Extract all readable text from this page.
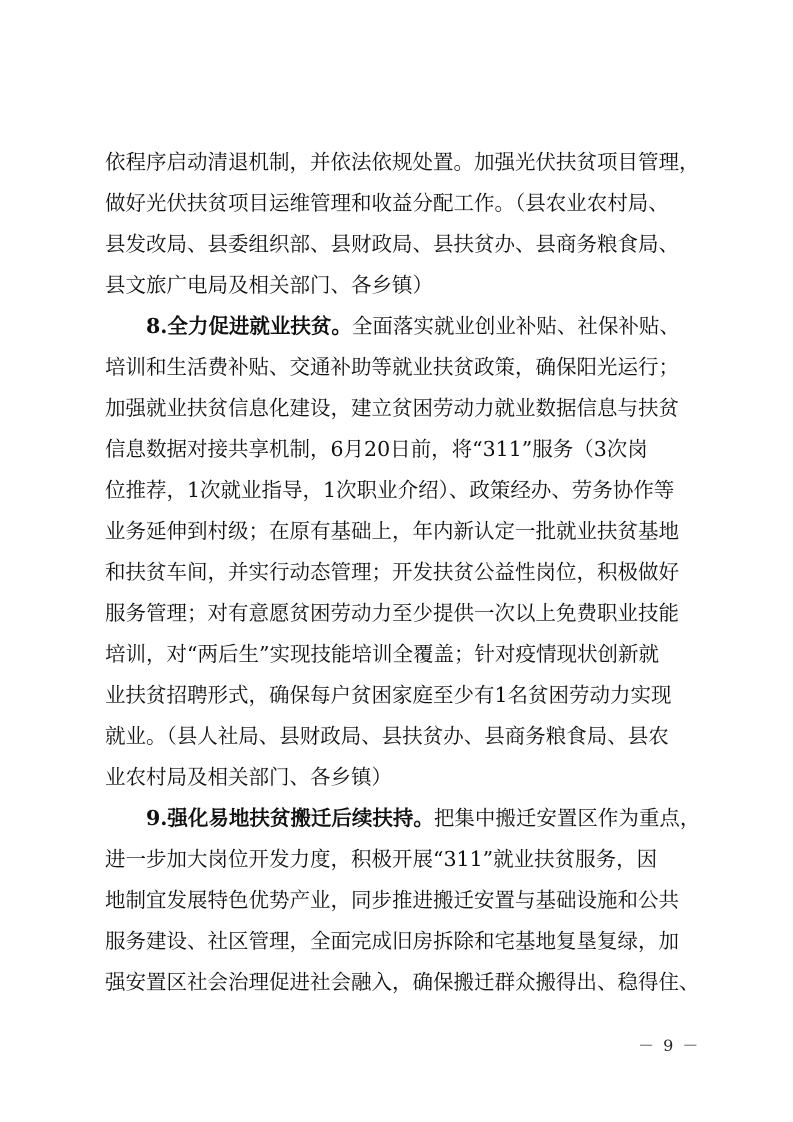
依程序启动清退机制，并依法依规处置。加强光伏扶贫项目管理，
做好光伏扶贫项目运维管理和收益分配工作。（县农业农村局、
县发改局、县委组织部、县财政局、县扶贫办、县商务粮食局、
县文旅广电局及相关部门、各乡镇）
8.全力促进就业扶贫。全面落实就业创业补贴、社保补贴、
培训和生活费补贴、交通补助等就业扶贫政策，确保阳光运行；
加强就业扶贫信息化建设，建立贫困劳动力就业数据信息与扶贫
信息数据对接共享机制，6月20日前，将“311”服务（3次岗
位推荐，1次就业指导，1次职业介绍）、政策经办、劳务协作等
业务延伸到村级；在原有基础上，年内新认定一批就业扶贫基地
和扶贫车间，并实行动态管理；开发扶贫公益性岗位，积极做好
服务管理；对有意愿贫困劳动力至少提供一次以上免费职业技能
培训，对“两后生”实现技能培训全覆盖；针对疫情现状创新就
业扶贫招聘形式，确保每户贫困家庭至少有1名贫困劳动力实现
就业。（县人社局、县财政局、县扶贫办、县商务粮食局、县农
业农村局及相关部门、各乡镇）
9.强化易地扶贫搬迁后续扶持。把集中搬迁安置区作为重点，
进一步加大岗位开发力度，积极开展“311”就业扶贫服务，因
地制宜发展特色优势产业，同步推进搬迁安置与基础设施和公共
服务建设、社区管理，全面完成旧房拆除和宅基地复垦复绿，加
强安置区社会治理促进社会融入，确保搬迁群众搬得出、稳得住、
－ 9 －
